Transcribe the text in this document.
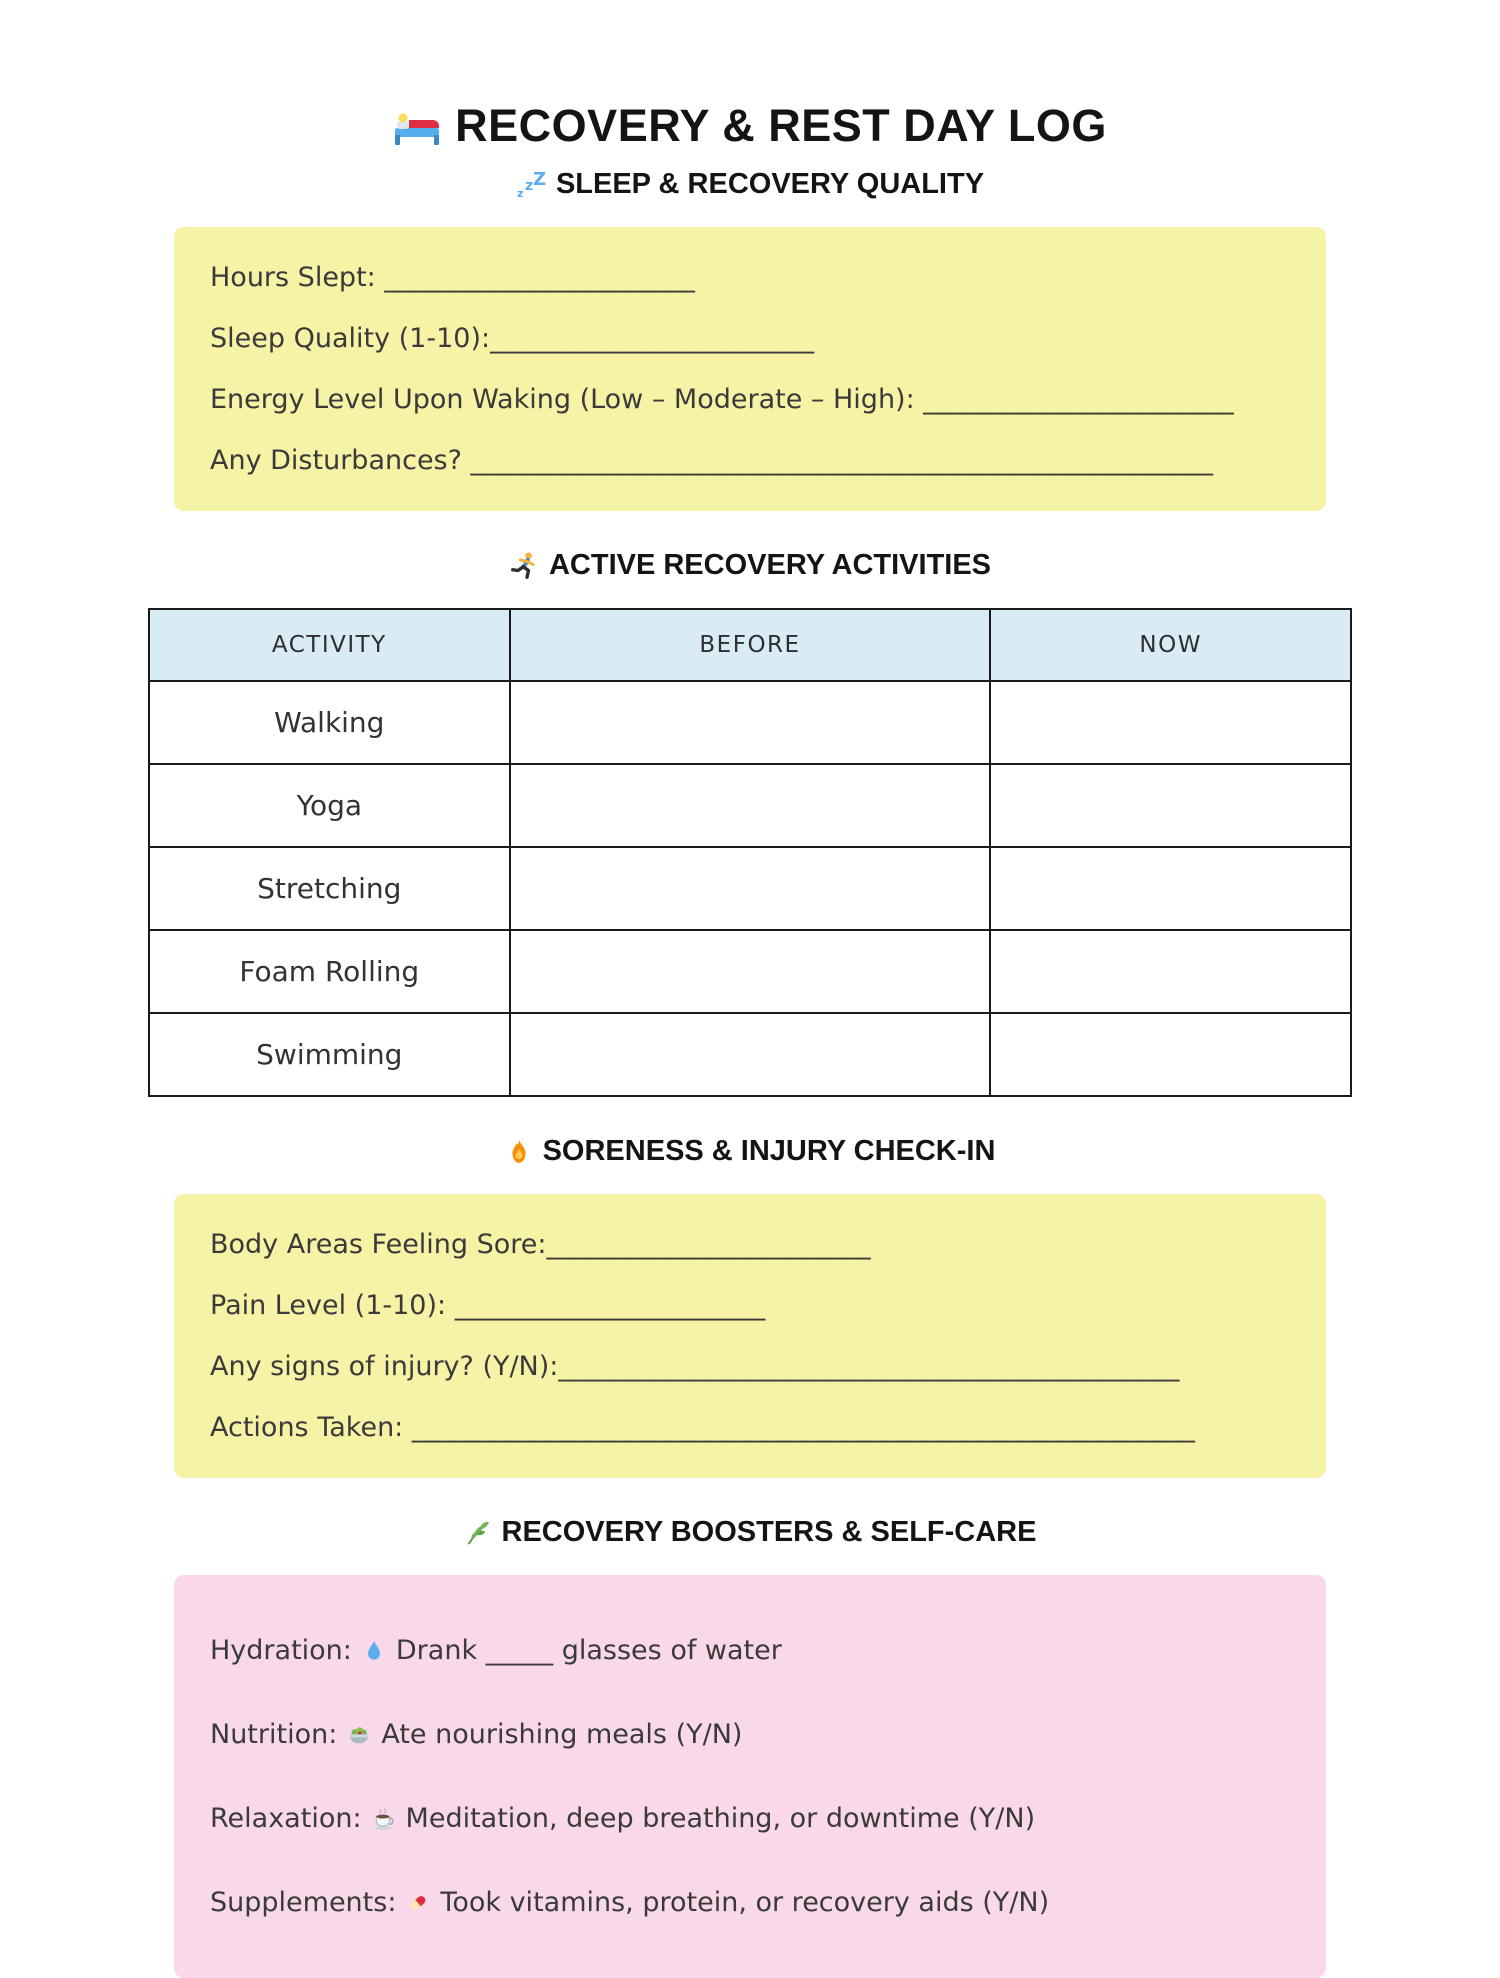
RECOVERY & REST DAY LOG
z z Z SLEEP & RECOVERY QUALITY

Hours Slept: _______________________

Sleep Quality (1-10):________________________

Energy Level Upon Waking (Low – Moderate – High): _______________________

Any Disturbances? _______________________________________________________

ACTIVE RECOVERY ACTIVITIES
ACTIVITY	BEFORE	NOW
Walking		
Yoga		
Stretching		
Foam Rolling		
Swimming		
SORENESS & INJURY CHECK-IN

Body Areas Feeling Sore:________________________

Pain Level (1-10): _______________________

Any signs of injury? (Y/N):______________________________________________

Actions Taken: __________________________________________________________

RECOVERY BOOSTERS & SELF-CARE

Hydration: Drank _____ glasses of water

Nutrition: Ate nourishing meals (Y/N)

Relaxation: Meditation, deep breathing, or downtime (Y/N)

Supplements: Took vitamins, protein, or recovery aids (Y/N)
